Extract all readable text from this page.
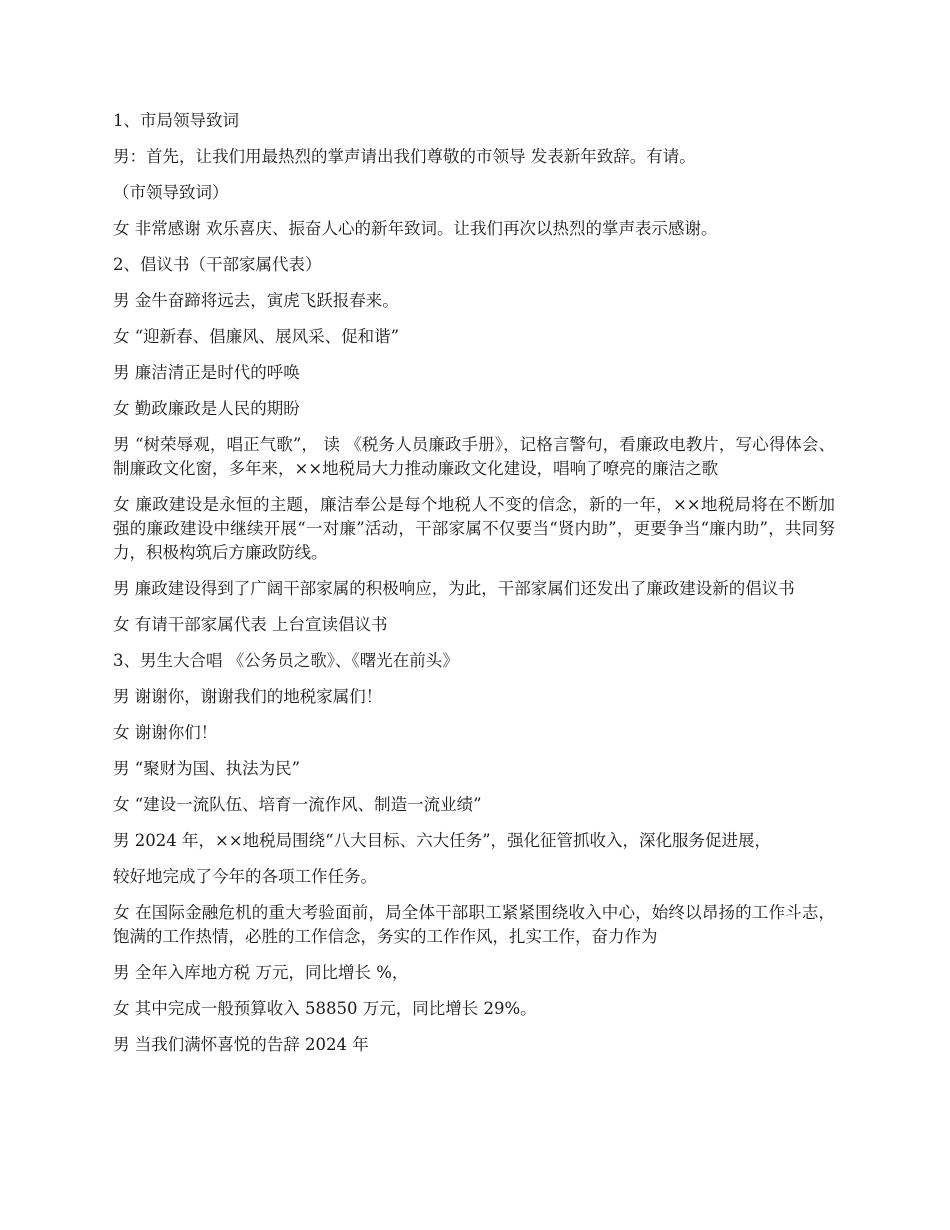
1、市局领导致词

男：首先，让我们用最热烈的掌声请出我们尊敬的市领导 发表新年致辞。有请。

（市领导致词）

女 非常感谢 欢乐喜庆、振奋人心的新年致词。让我们再次以热烈的掌声表示感谢。

2、倡议书（干部家属代表）

男 金牛奋蹄将远去，寅虎飞跃报春来。

女 “迎新春、倡廉风、展风采、促和谐”

男 廉洁清正是时代的呼唤

女 勤政廉政是人民的期盼

男 “树荣辱观，唱正气歌”， 读 《税务人员廉政手册》，记格言警句，看廉政电教片，写心得体会、制廉政文化窗，多年来，××地税局大力推动廉政文化建设，唱响了嘹亮的廉洁之歌

女 廉政建设是永恒的主题，廉洁奉公是每个地税人不变的信念，新的一年，××地税局将在不断加强的廉政建设中继续开展“一对廉”活动，干部家属不仅要当“贤内助”，更要争当“廉内助”，共同努力，积极构筑后方廉政防线。

男 廉政建设得到了广阔干部家属的积极响应，为此，干部家属们还发出了廉政建设新的倡议书

女 有请干部家属代表 上台宣读倡议书

3、男生大合唱 《公务员之歌》、《曙光在前头》

男 谢谢你，谢谢我们的地税家属们！

女 谢谢你们！

男 “聚财为国、执法为民”

女 “建设一流队伍、培育一流作风、制造一流业绩”

男 2024 年，××地税局围绕“八大目标、六大任务”，强化征管抓收入，深化服务促进展，

较好地完成了今年的各项工作任务。

女 在国际金融危机的重大考验面前，局全体干部职工紧紧围绕收入中心，始终以昂扬的工作斗志，饱满的工作热情，必胜的工作信念，务实的工作作风，扎实工作，奋力作为

男 全年入库地方税 万元，同比增长 %，

女 其中完成一般预算收入 58850 万元，同比增长 29%。

男 当我们满怀喜悦的告辞 2024 年
